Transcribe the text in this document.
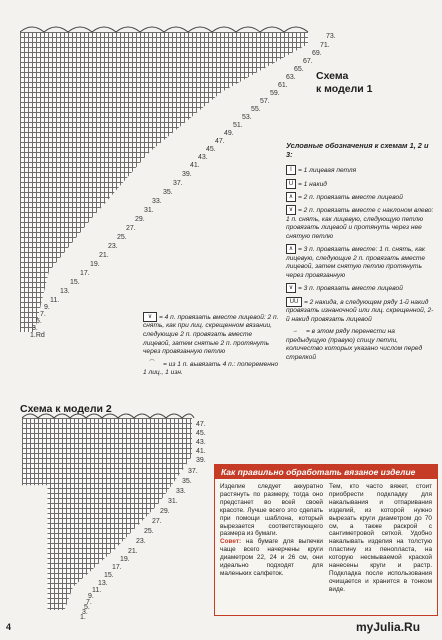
73.
71.
69.
67.
65.
63.
61.
59.
57.
55.
53.
51.
49.
47.
45.
43.
41.
39.
37.
35.
33.
31.
29.
27.
25.
23.
21.
19.
17.
15.
13.
11.
9.
7.
5.
3.
1.Rd
Схема
к модели 1
Условные обозначения к схемам 1, 2 и 3:
I = 1 лицевая петля
U = 1 накид
∧ = 2 п. провязать вместе лицевой
∨ = 2 п. провязать вместе с наклоном влево: 1 п. снять, как лицевую, следующую петлю провязать лицевой и протянуть через нее снятую петлю
∧ = 3 п. провязать вместе: 1 п. снять, как лицевую, следующие 2 п. провязать вместе лицевой, затем снятую петлю протянуть через провязанную
∨ = 3 п. провязать вместе лицевой
UU = 2 накида, в следующем ряду 1-й накид провязать изнаночной или лиц. скрещенной, 2-й накид провязать лицевой
→ = в этом ряду перенести на предыдущую (правую) спицу петли, количество которых указано числом перед стрелкой
∨ = 4 п. провязать вместе лицевой: 2 п. снять, как при лиц. скрещенном вязании, следующие 2 п. провязать вместе лицевой, затем снятые 2 п. протянуть через провязанную петлю
⌒ = из 1 п. вывязать 4 п.: попеременно 1 лиц., 1 изн.
Схема к модели 2
47.
45.
43.
41.
39.
37.
35.
33.
31.
29.
27.
25.
23.
21.
19.
17.
15.
13.
11.
9.
7.
5.
3.
1.
Как правильно обработать вязаное изделие
Изделие следует аккуратно растянуть по размеру, тогда оно предстанет во всей своей красоте. Лучше всего это сделать при помощи шаблона, который вырезается соответствующего размера из бумаги.
Совет: на бумаге для выпечки чаще всего начерчены круги диаметром 22, 24 и 26 см, они идеально подходят для маленьких салфеток.
Тем, кто часто вяжет, стоит приобрести подкладку для накалывания и отпаривания изделий, из которой нужно вырезать круги диаметром до 70 см, а также раскрой с сантиметровой сеткой. Удобно накалывать изделия на толстую пластину из пенопласта, на которую несмываемой краской нанесены круги и растр. Подкладка после использования очищается и хранится в тонком виде.
4	myJulia.Ru
